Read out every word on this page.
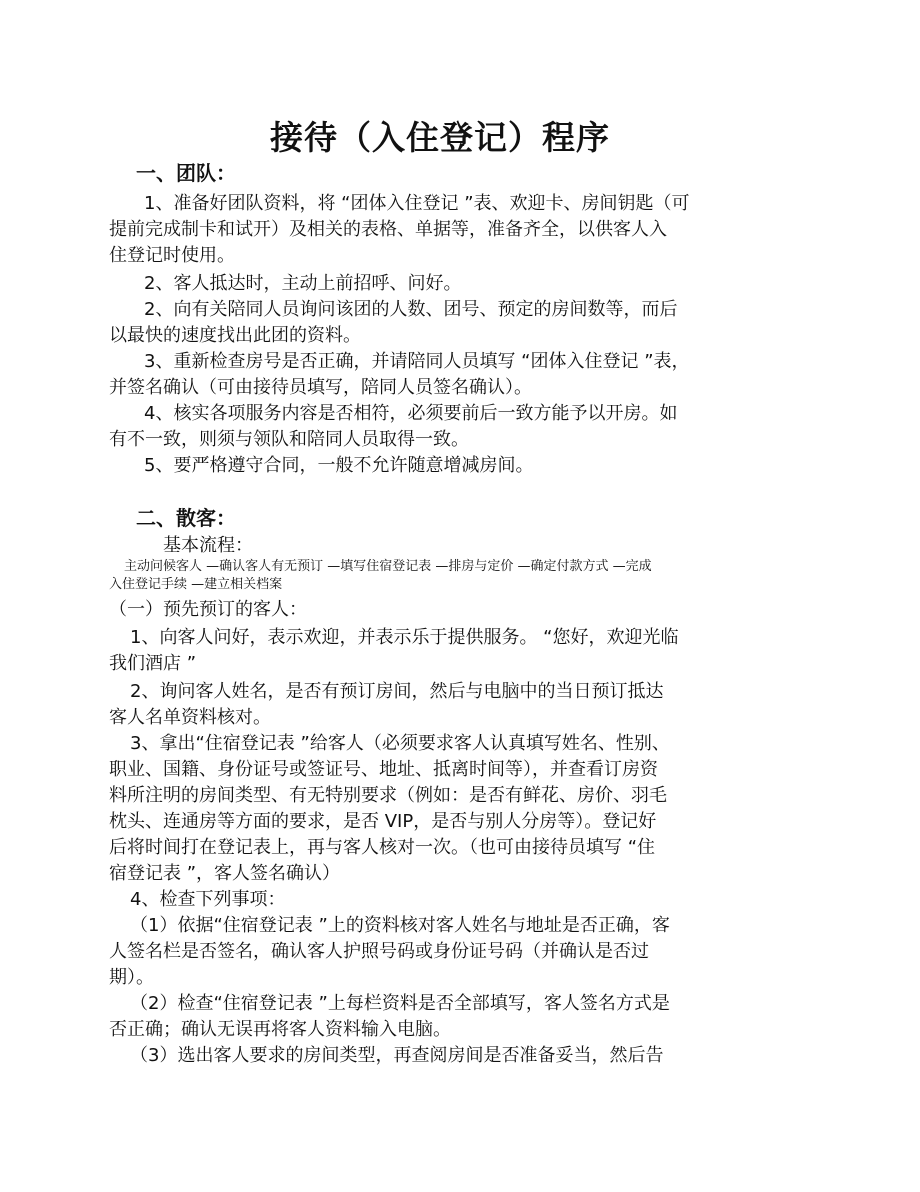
接待（入住登记）程序
一、团队：
1、准备好团队资料，将 “团体入住登记 ”表、欢迎卡、房间钥匙（可
提前完成制卡和试开）及相关的表格、单据等，准备齐全，以供客人入
住登记时使用。
2、客人抵达时，主动上前招呼、问好。
2、向有关陪同人员询问该团的人数、团号、预定的房间数等，而后
以最快的速度找出此团的资料。
3、重新检查房号是否正确，并请陪同人员填写 “团体入住登记 ”表，
并签名确认（可由接待员填写，陪同人员签名确认）。
4、核实各项服务内容是否相符，必须要前后一致方能予以开房。如
有不一致，则须与领队和陪同人员取得一致。
5、要严格遵守合同，一般不允许随意增减房间。
二、散客：
基本流程：
主动问候客人 —确认客人有无预订 —填写住宿登记表 —排房与定价 —确定付款方式 —完成
入住登记手续 —建立相关档案
（一）预先预订的客人：
1、向客人问好，表示欢迎，并表示乐于提供服务。 “您好，欢迎光临
我们酒店 ”
2、询问客人姓名，是否有预订房间，然后与电脑中的当日预订抵达
客人名单资料核对。
3、拿出“住宿登记表 ”给客人（必须要求客人认真填写姓名、性别、
职业、国籍、身份证号或签证号、地址、抵离时间等），并查看订房资
料所注明的房间类型、有无特别要求（例如：是否有鲜花、房价、羽毛
枕头、连通房等方面的要求，是否 VIP，是否与别人分房等）。登记好
后将时间打在登记表上，再与客人核对一次。（也可由接待员填写 “住
宿登记表 ”，客人签名确认）
4、检查下列事项：
（1）依据“住宿登记表 ”上的资料核对客人姓名与地址是否正确，客
人签名栏是否签名，确认客人护照号码或身份证号码（并确认是否过
期）。
（2）检查“住宿登记表 ”上每栏资料是否全部填写，客人签名方式是
否正确；确认无误再将客人资料输入电脑。
（3）选出客人要求的房间类型，再查阅房间是否准备妥当，然后告
